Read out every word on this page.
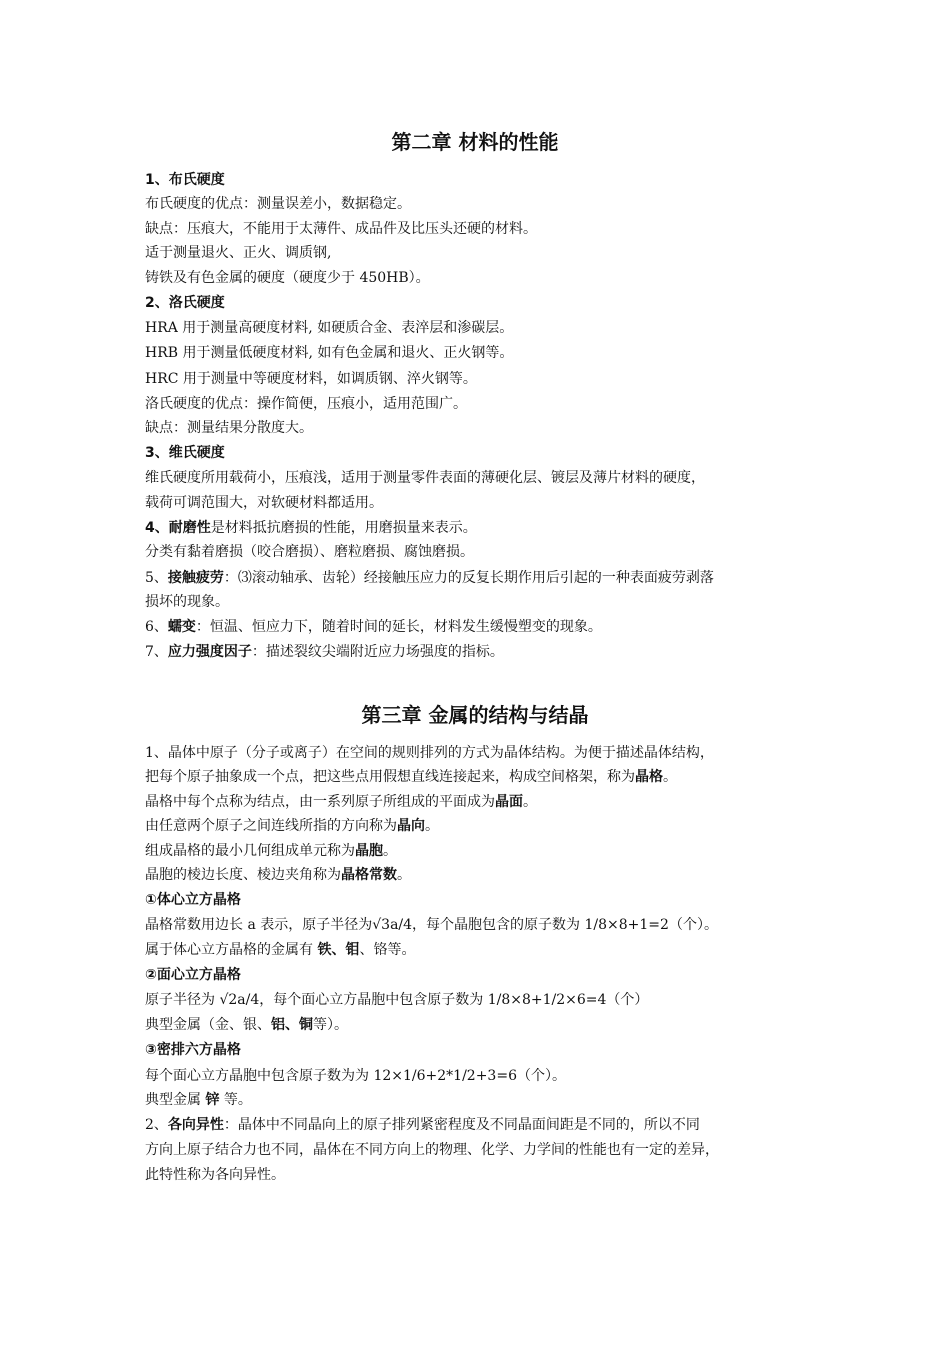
第二章 材料的性能
1、布氏硬度
布氏硬度的优点：测量误差小，数据稳定。
缺点：压痕大，不能用于太薄件、成品件及比压头还硬的材料。
适于测量退火、正火、调质钢,
铸铁及有色金属的硬度（硬度少于 450HB）。
2、洛氏硬度
HRA 用于测量高硬度材料, 如硬质合金、表淬层和渗碳层。
HRB 用于测量低硬度材料, 如有色金属和退火、正火钢等。
HRC 用于测量中等硬度材料，如调质钢、淬火钢等。
洛氏硬度的优点：操作简便，压痕小，适用范围广。
缺点：测量结果分散度大。
3、维氏硬度
维氏硬度所用载荷小，压痕浅，适用于测量零件表面的薄硬化层、镀层及薄片材料的硬度，
载荷可调范围大，对软硬材料都适用。
4、耐磨性是材料抵抗磨损的性能，用磨损量来表示。
分类有黏着磨损（咬合磨损）、磨粒磨损、腐蚀磨损。
5、接触疲劳：⑶滚动轴承、齿轮）经接触压应力的反复长期作用后引起的一种表面疲劳剥落
损坏的现象。
6、蠕变：恒温、恒应力下，随着时间的延长，材料发生缓慢塑变的现象。
7、应力强度因子：描述裂纹尖端附近应力场强度的指标。
第三章 金属的结构与结晶
1、晶体中原子（分子或离子）在空间的规则排列的方式为晶体结构。为便于描述晶体结构，
把每个原子抽象成一个点，把这些点用假想直线连接起来，构成空间格架，称为晶格。
晶格中每个点称为结点，由一系列原子所组成的平面成为晶面。
由任意两个原子之间连线所指的方向称为晶向。
组成晶格的最小几何组成单元称为晶胞。
晶胞的棱边长度、棱边夹角称为晶格常数。
①体心立方晶格
晶格常数用边长 a 表示，原子半径为√3a/4，每个晶胞包含的原子数为 1/8×8+1=2（个）。
属于体心立方晶格的金属有 铁、钼、铬等。
②面心立方晶格
原子半径为 √2a/4，每个面心立方晶胞中包含原子数为 1/8×8+1/2×6=4（个）
典型金属（金、银、铝、铜等）。
③密排六方晶格
每个面心立方晶胞中包含原子数为为 12×1/6+2*1/2+3=6（个）。
典型金属 锌 等。
2、各向异性：晶体中不同晶向上的原子排列紧密程度及不同晶面间距是不同的，所以不同
方向上原子结合力也不同，晶体在不同方向上的物理、化学、力学间的性能也有一定的差异，
此特性称为各向异性。
